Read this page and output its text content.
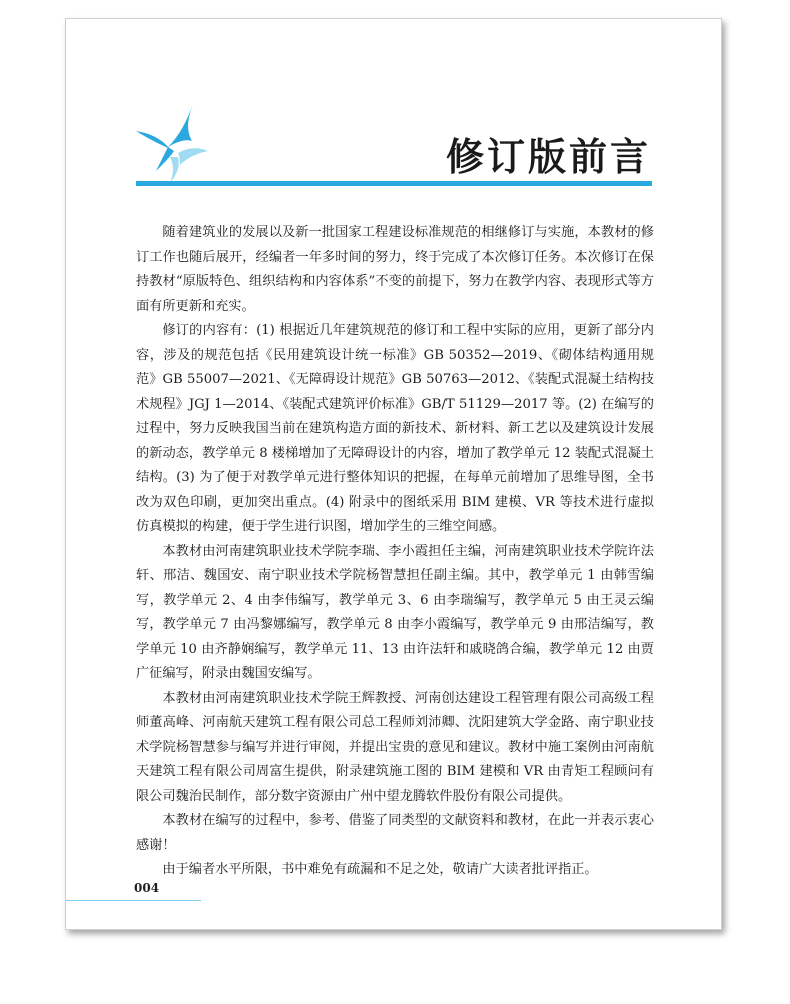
修订版前言

随着建筑业的发展以及新一批国家工程建设标准规范的相继修订与实施，本教材的修订工作也随后展开，经编者一年多时间的努力，终于完成了本次修订任务。本次修订在保持教材“原版特色、组织结构和内容体系”不变的前提下，努力在教学内容、表现形式等方面有所更新和充实。

修订的内容有：(1) 根据近几年建筑规范的修订和工程中实际的应用，更新了部分内容，涉及的规范包括《民用建筑设计统一标准》GB 50352—2019、《砌体结构通用规范》GB 55007—2021、《无障碍设计规范》GB 50763—2012、《装配式混凝土结构技术规程》JGJ 1—2014、《装配式建筑评价标准》GB/T 51129—2017 等。(2) 在编写的过程中，努力反映我国当前在建筑构造方面的新技术、新材料、新工艺以及建筑设计发展的新动态，教学单元 8 楼梯增加了无障碍设计的内容，增加了教学单元 12 装配式混凝土结构。(3) 为了便于对教学单元进行整体知识的把握，在每单元前增加了思维导图，全书改为双色印刷，更加突出重点。(4) 附录中的图纸采用 BIM 建模、VR 等技术进行虚拟仿真模拟的构建，便于学生进行识图，增加学生的三维空间感。

本教材由河南建筑职业技术学院李瑞、李小霞担任主编，河南建筑职业技术学院许法轩、邢洁、魏国安、南宁职业技术学院杨智慧担任副主编。其中，教学单元 1 由韩雪编写，教学单元 2、4 由李伟编写，教学单元 3、6 由李瑞编写，教学单元 5 由王灵云编写，教学单元 7 由冯黎娜编写，教学单元 8 由李小霞编写，教学单元 9 由邢洁编写，教学单元 10 由齐静娴编写，教学单元 11、13 由许法轩和戚晓鸽合编，教学单元 12 由贾广征编写，附录由魏国安编写。

本教材由河南建筑职业技术学院王辉教授、河南创达建设工程管理有限公司高级工程师董高峰、河南航天建筑工程有限公司总工程师刘沛卿、沈阳建筑大学金路、南宁职业技术学院杨智慧参与编写并进行审阅，并提出宝贵的意见和建议。教材中施工案例由河南航天建筑工程有限公司周富生提供，附录建筑施工图的 BIM 建模和 VR 由青矩工程顾问有限公司魏治民制作，部分数字资源由广州中望龙腾软件股份有限公司提供。

本教材在编写的过程中，参考、借鉴了同类型的文献资料和教材，在此一并表示衷心感谢！

由于编者水平所限，书中难免有疏漏和不足之处，敬请广大读者批评指正。

004
